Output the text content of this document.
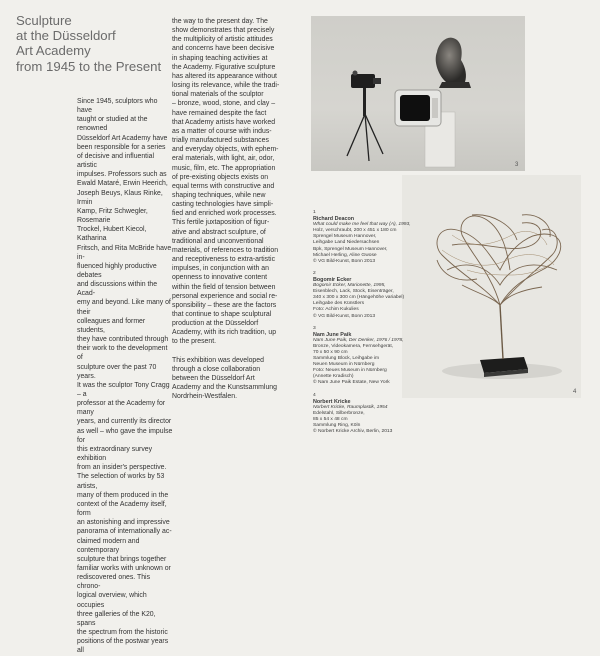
Sculpture
at the Düsseldorf
Art Academy
from 1945 to the Present

Since 1945, sculptors who have
taught or studied at the renowned
Düsseldorf Art Academy have
been responsible for a series
of decisive and influential artistic
impulses. Professors such as
Ewald Mataré, Erwin Heerich,
Joseph Beuys, Klaus Rinke, Irmin
Kamp, Fritz Schwegler, Rosemarie
Trockel, Hubert Kiecol, Katharina
Fritsch, and Rita McBride have in-
fluenced highly productive debates
and discussions within the Acad-
emy and beyond. Like many of their
colleagues and former students,
they have contributed through
their work to the development of
sculpture over the past 70 years.
It was the sculptor Tony Cragg – a
professor at the Academy for many
years, and currently its director
as well – who gave the impulse for
this extraordinary survey exhibition
from an insider's perspective.
The selection of works by 53 artists,
many of them produced in the
context of the Academy itself, form
an astonishing and impressive
panorama of internationally ac-
claimed modern and contemporary
sculpture that brings together
familiar works with unknown or
rediscovered ones. This chrono-
logical overview, which occupies
three galleries of the K20, spans
the spectrum from the historic
positions of the postwar years all

the way to the present day. The
show demonstrates that precisely
the multiplicity of artistic attitudes
and concerns have been decisive
in shaping teaching activities at
the Academy. Figurative sculpture
has altered its appearance without
losing its relevance, while the tradi-
tional materials of the sculptor
– bronze, wood, stone, and clay –
have remained despite the fact
that Academy artists have worked
as a matter of course with indus-
trially manufactured substances
and everyday objects, with ephem-
eral materials, with light, air, odor,
music, film, etc. The appropriation
of pre-existing objects exists on
equal terms with constructive and
shaping techniques, while new
casting technologies have simpli-
fied and enriched work processes.
This fertile juxtaposition of figur-
ative and abstract sculpture, of
traditional and unconventional
materials, of references to tradition
and receptiveness to extra-artistic
impulses, in conjunction with an
openness to innovative content
within the field of tension between
personal experience and social re-
sponsibility – these are the factors
that continue to shape sculptural
production at the Düsseldorf
Academy, with its rich tradition, up
to the present.

This exhibition was developed
through a close collaboration
between the Düsseldorf Art
Academy and the Kunstsammlung
Nordrhein-Westfalen.

3
4
1
Richard Deacon
What could make me feel that way (A), 1993,
Holz, verschraubt, 200 x 451 x 180 cm
Sprengel Museum Hannover,
Leihgabe Land Niedersachsen
Bpk, Sprengel Museum Hannover,
Michael Herling, Aline Gwose
© VG Bild-Kunst, Bonn 2013
2
Bogomir Ecker
Bogomir Ecker, Marionette, 1995,
Eisenblech, Lack, Stock, Eisenträger,
340 x 300 x 300 cm (Hängehöhe variabel)
Leihgabe des Künstlers
Foto: Achim Kukulies
© VG Bild-Kunst, Bonn 2013
3
Nam June Paik
Nam June Paik, Der Denker, 1976 / 1978,
Bronze, Videokamera, Fernsehgerät,
70 x 50 x 90 cm
Sammlung Block, Leihgabe im
Neuen Museum in Nürnberg
Foto: Neues Museum in Nürnberg
(Annette Kradisch)
© Nam June Paik Estate, New York
4
Norbert Kricke
Norbert Kricke, Raumplastik, 1954
Edelstahl, Silberbronze,
85 x 54 x 48 cm
Sammlung Ring, Köln
© Norbert Kricke Archiv, Berlin, 2013
